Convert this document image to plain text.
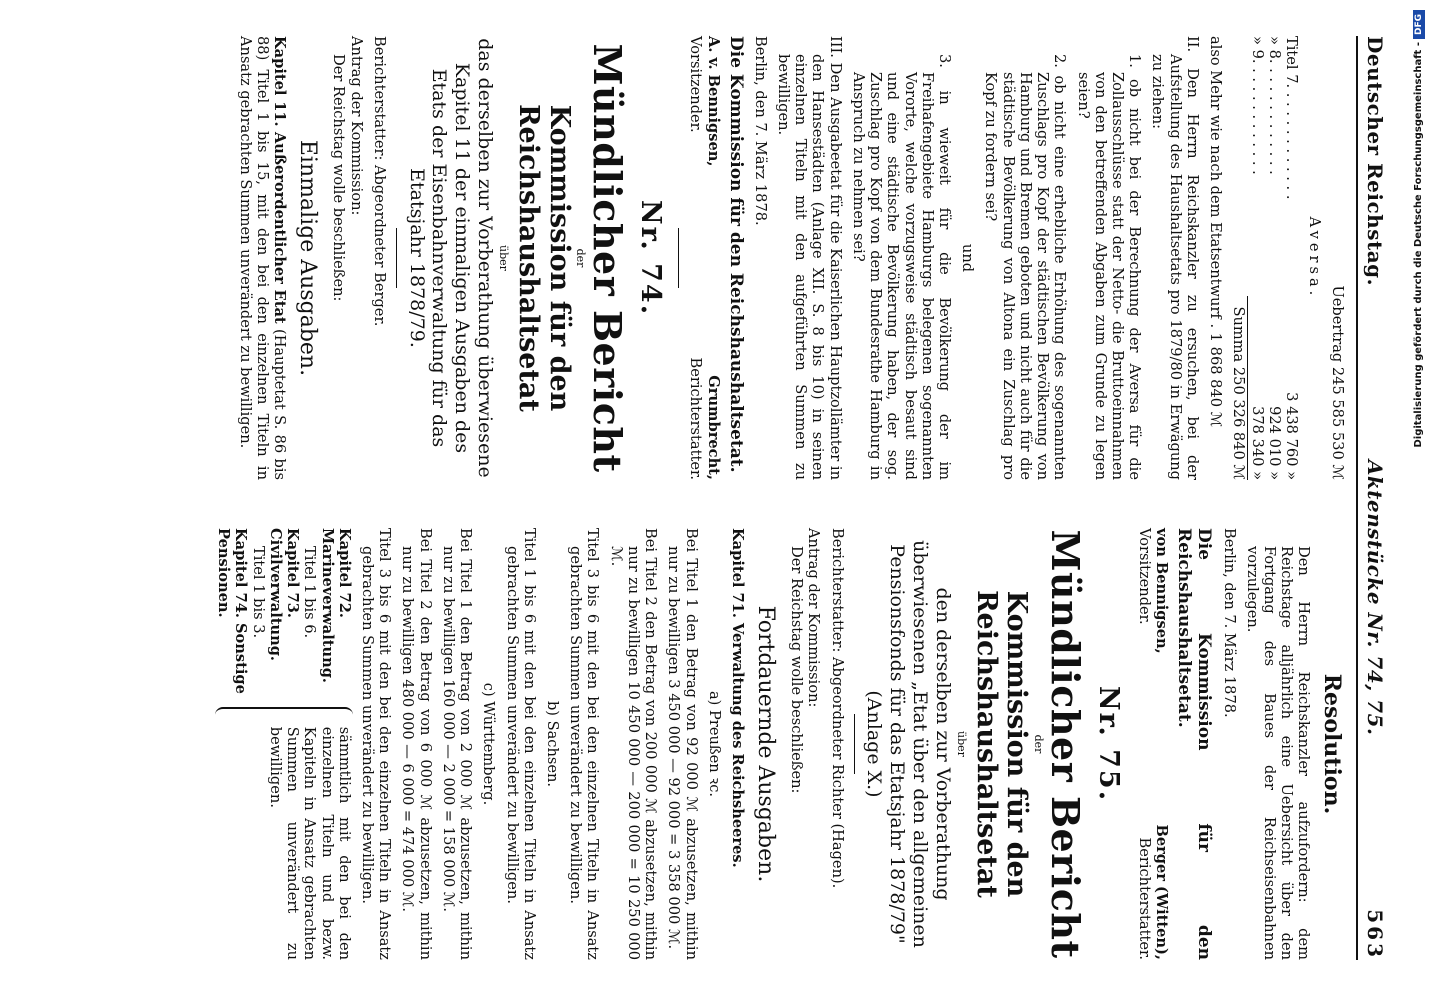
Deutscher Reichstag.
Aktenstücke Nr. 74, 75.
563

Uebertrag 245 585 530 ℳ

Aversa.

Titel 7. . . . . . . . . . . . .
3 438 760 »
» 8. . . . . . . . . . . . .
924 010 »
» 9. . . . . . . . . . . . .
378 340 »

Summa 250 326 840 ℳ

also Mehr wie nach dem Etatsentwurf . 1 868 840 ℳ

II. Den Herrn Reichskanzler zu ersuchen, bei der Aufstellung des Haushaltsetats pro 1879/80 in Erwägung zu ziehen:

1. ob nicht bei der Berechnung der Aversa für die Zollausschlüsse statt der Netto- die Bruttoeinnahmen von den betreffenden Abgaben zum Grunde zu legen seien?

2. ob nicht eine erhebliche Erhöhung des sogenannten Zuschlags pro Kopf der städtischen Bevölkerung von Hamburg und Bremen geboten und nicht auch für die städtische Bevölkerung von Altona ein Zuschlag pro Kopf zu fordern sei?

und

3. in wieweit für die Bevölkerung der im Freihafengebiete Hamburgs belegenen sogenannten Vororte, welche vorzugsweise städtisch besaut sind und eine städtische Bevölkerung haben, der sog. Zuschlag pro Kopf von dem Bundesrathe Hamburg in Anspruch zu nehmen sei?

III. Den Ausgabeetat für die Kaiserlichen Hauptzollämter in den Hansestädten (Anlage XII. S. 8 bis 10) in seinen einzelnen Titeln mit den aufgeführten Summen zu bewilligen.

Berlin, den 7. März 1878.

Die Kommission für den Reichshaushaltsetat.

A. v. Bennigsen,
Vorsitzender.
Grumbrecht,
Berichterstatter.
Nr. 74.
Mündlicher Bericht

der

Kommission für den Reichshaushaltsetat

über

das derselben zur Vorberathung überwiesene Kapitel 11 der einmaligen Ausgaben des Etats der Eisenbahnverwaltung für das Etatsjahr 1878/79.

Berichterstatter: Abgeordneter Berger.

Antrag der Kommission:

Der Reichstag wolle beschließen:

Einmalige Ausgaben.

Kapitel 11. Außerordentlicher Etat (Hauptetat S. 86 bis 88) Titel 1 bis 15, mit den bei den einzelnen Titeln in Ansatz gebrachten Summen unverändert zu bewilligen.

Resolution.

Den Herrn Reichskanzler aufzufordern: dem Reichstage alljährlich eine Uebersicht über den Fortgang des Baues der Reichseisenbahnen vorzulegen.

Berlin, den 7. März 1878.

Die Kommission für den Reichshaushaltsetat.

von Bennigsen,
Vorsitzender.
Berger (Witten),
Berichterstatter.
Nr. 75.
Mündlicher Bericht

der

Kommission für den Reichshaushaltsetat

über

den derselben zur Vorberathung überwiesenen „Etat über den allgemeinen Pensionsfonds für das Etatsjahr 1878/79" (Anlage X.)

Berichterstatter: Abgeordneter Richter (Hagen).

Antrag der Kommission:

Der Reichstag wolle beschließen:

Fortdauernde Ausgaben.

Kapitel 71. Verwaltung des Reichsheeres.

a) Preußen ꝛc.

Bei Titel 1 den Betrag von 92 000 ℳ abzusetzen, mithin nur zu bewilligen 3 450 000 — 92 000 = 3 358 000 ℳ.

Bei Titel 2 den Betrag von 200 000 ℳ abzusetzen, mithin nur zu bewilligen 10 450 000 — 200 000 = 10 250 000 ℳ.

Titel 3 bis 6 mit den bei den einzelnen Titeln in Ansatz gebrachten Summen unverändert zu bewilligen.

b) Sachsen.

Titel 1 bis 6 mit den bei den einzelnen Titeln in Ansatz gebrachten Summen unverändert zu bewilligen.

c) Württemberg.

Bei Titel 1 den Betrag von 2 000 ℳ abzusetzen, mithin nur zu bewilligen 160 000 — 2 000 = 158 000 ℳ.

Bei Titel 2 den Betrag von 6 000 ℳ abzusetzen, mithin nur zu bewilligen 480 000 — 6 000 = 474 000 ℳ.

Titel 3 bis 6 mit den bei den einzelnen Titeln in Ansatz gebrachten Summen unverändert zu bewilligen.

Kapitel 72. Marineverwaltung.
Titel 1 bis 6.
Kapitel 73. Civilverwaltung.
Titel 1 bis 3.
Kapitel 74. Sonstige Pensionen.
sämmtlich mit den bei den einzelnen Titeln und bezw. Kapiteln in Ansatz gebrachten Summen unverändert zu bewilligen.
Digitalisierung gefördert durch die Deutsche Forschungsgemeinschaft -
DFG
